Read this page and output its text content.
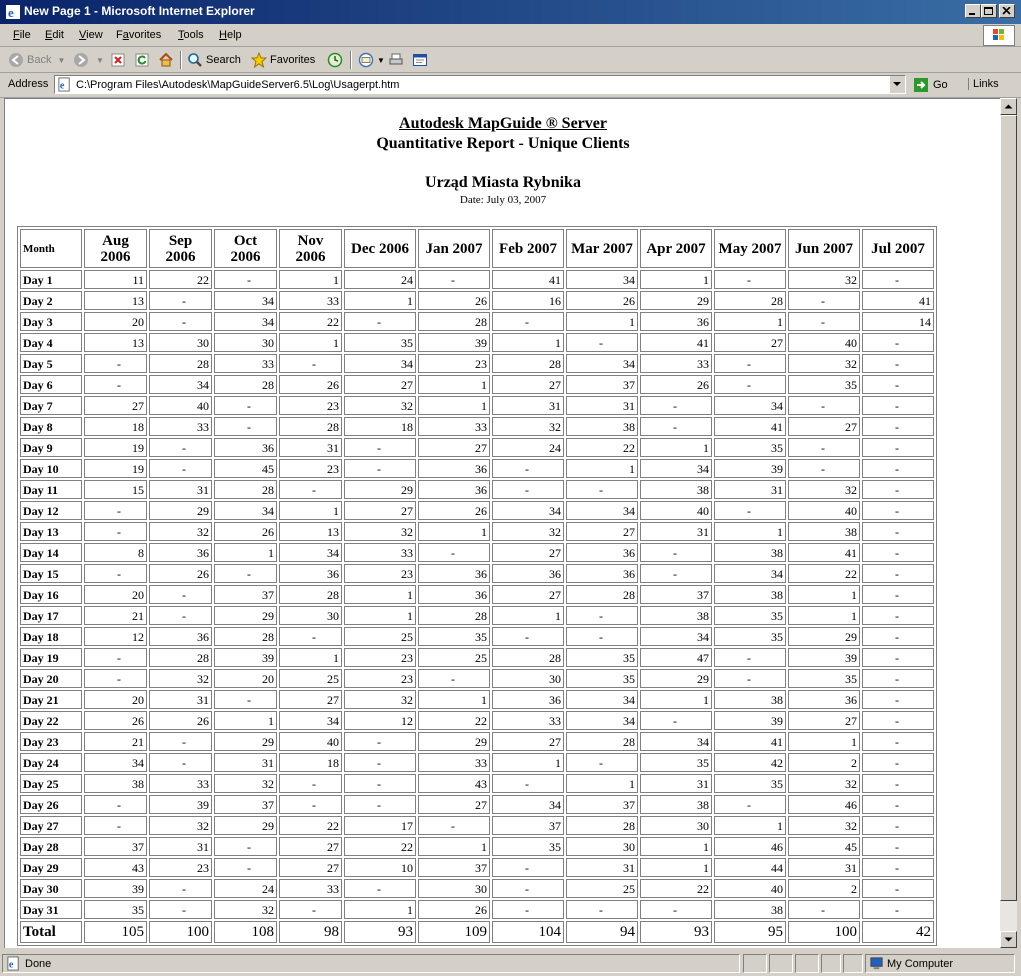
e New Page 1 - Microsoft Internet Explorer
File Edit View Favorites Tools Help
Back ▼	▼	Search	Favorites	▼
Address e C:\Program Files\Autodesk\MapGuideServer6.5\Log\Usagerpt.htm	Go	Links
Autodesk MapGuide ® Server
Quantitative Report - Unique Clients
Urząd Miasta Rybnika
Date: July 03, 2007
Month	Aug 2006	Sep 2006	Oct 2006	Nov 2006	Dec 2006	Jan 2007	Feb 2007	Mar 2007	Apr 2007	May 2007	Jun 2007	Jul 2007
Day 1	11	22	-	1	24	-	41	34	1	-	32	-
Day 2	13	-	34	33	1	26	16	26	29	28	-	41
Day 3	20	-	34	22	-	28	-	1	36	1	-	14
Day 4	13	30	30	1	35	39	1	-	41	27	40	-
Day 5	-	28	33	-	34	23	28	34	33	-	32	-
Day 6	-	34	28	26	27	1	27	37	26	-	35	-
Day 7	27	40	-	23	32	1	31	31	-	34	-	-
Day 8	18	33	-	28	18	33	32	38	-	41	27	-
Day 9	19	-	36	31	-	27	24	22	1	35	-	-
Day 10	19	-	45	23	-	36	-	1	34	39	-	-
Day 11	15	31	28	-	29	36	-	-	38	31	32	-
Day 12	-	29	34	1	27	26	34	34	40	-	40	-
Day 13	-	32	26	13	32	1	32	27	31	1	38	-
Day 14	8	36	1	34	33	-	27	36	-	38	41	-
Day 15	-	26	-	36	23	36	36	36	-	34	22	-
Day 16	20	-	37	28	1	36	27	28	37	38	1	-
Day 17	21	-	29	30	1	28	1	-	38	35	1	-
Day 18	12	36	28	-	25	35	-	-	34	35	29	-
Day 19	-	28	39	1	23	25	28	35	47	-	39	-
Day 20	-	32	20	25	23	-	30	35	29	-	35	-
Day 21	20	31	-	27	32	1	36	34	1	38	36	-
Day 22	26	26	1	34	12	22	33	34	-	39	27	-
Day 23	21	-	29	40	-	29	27	28	34	41	1	-
Day 24	34	-	31	18	-	33	1	-	35	42	2	-
Day 25	38	33	32	-	-	43	-	1	31	35	32	-
Day 26	-	39	37	-	-	27	34	37	38	-	46	-
Day 27	-	32	29	22	17	-	37	28	30	1	32	-
Day 28	37	31	-	27	22	1	35	30	1	46	45	-
Day 29	43	23	-	27	10	37	-	31	1	44	31	-
Day 30	39	-	24	33	-	30	-	25	22	40	2	-
Day 31	35	-	32	-	1	26	-	-	-	38	-	-
Total	105	100	108	98	93	109	104	94	93	95	100	42
e Done	My Computer
